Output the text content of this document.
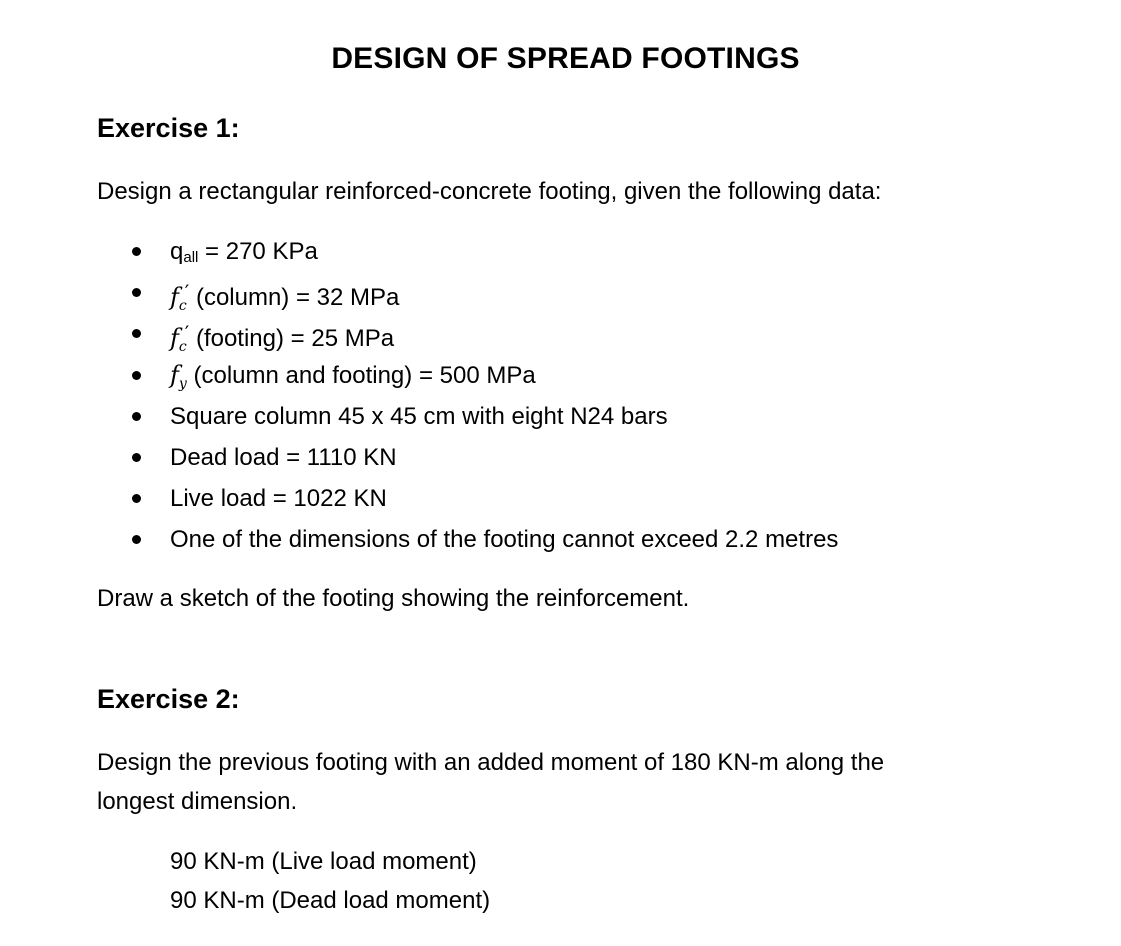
DESIGN OF SPREAD FOOTINGS
Exercise 1:
Design a rectangular reinforced-concrete footing, given the following data:
$q_{all} = 270$ KPa
$f_c'$ (column) = 32 MPa
$f_c'$ (footing) = 25 MPa
$f_y$ (column and footing) = 500 MPa
Square column 45 x 45 cm with eight N24 bars
Dead load = 1110 KN
Live load = 1022 KN
One of the dimensions of the footing cannot exceed 2.2 metres
Draw a sketch of the footing showing the reinforcement.
Exercise 2:
Design the previous footing with an added moment of 180 KN-m along the
longest dimension.
90 KN-m (Live load moment)
90 KN-m (Dead load moment)
